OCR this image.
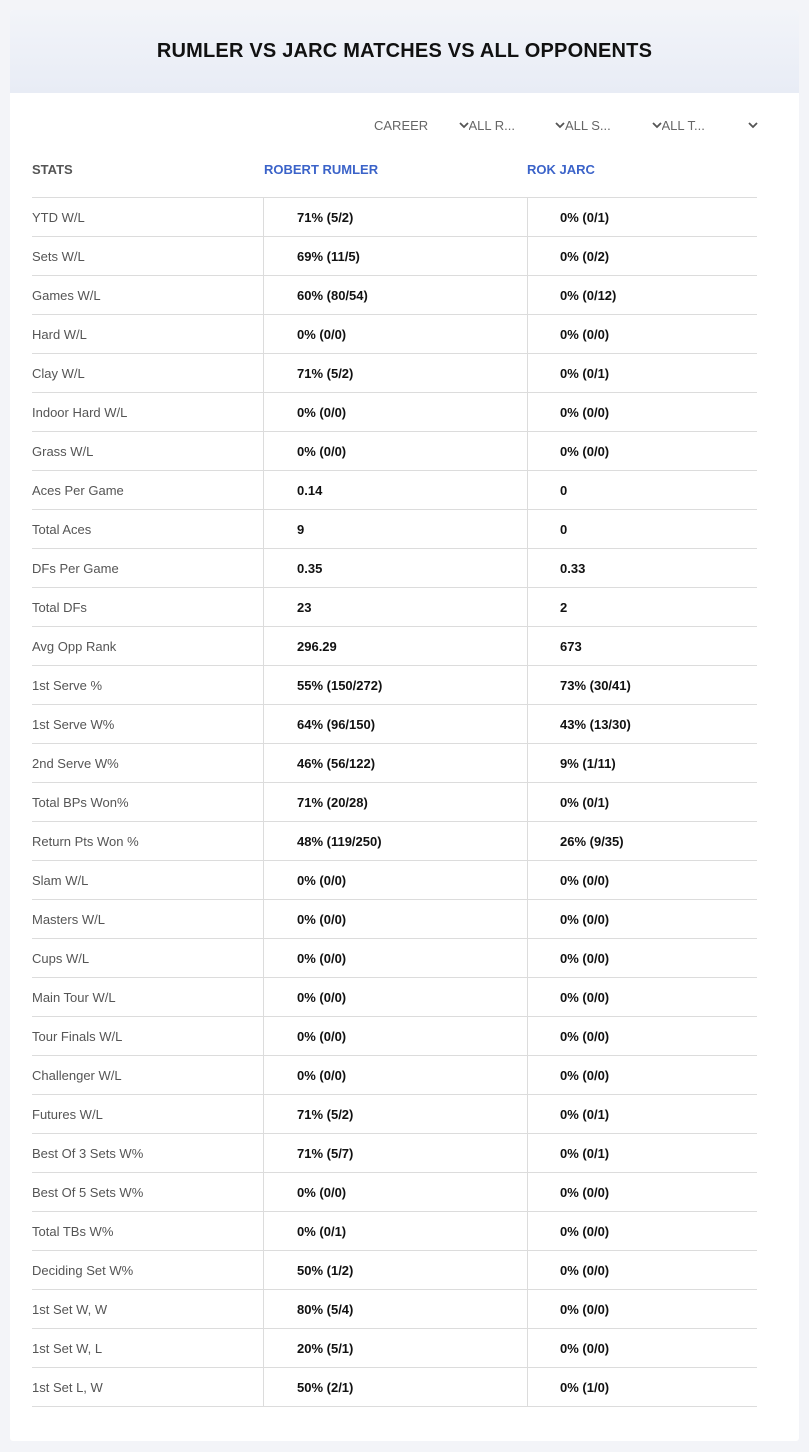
RUMLER VS JARC MATCHES VS ALL OPPONENTS
CAREER	ALL R...	ALL S...	ALL T...
STATS	ROBERT RUMLER	ROK JARC
YTD W/L	71% (5/2)	0% (0/1)
Sets W/L	69% (11/5)	0% (0/2)
Games W/L	60% (80/54)	0% (0/12)
Hard W/L	0% (0/0)	0% (0/0)
Clay W/L	71% (5/2)	0% (0/1)
Indoor Hard W/L	0% (0/0)	0% (0/0)
Grass W/L	0% (0/0)	0% (0/0)
Aces Per Game	0.14	0
Total Aces	9	0
DFs Per Game	0.35	0.33
Total DFs	23	2
Avg Opp Rank	296.29	673
1st Serve %	55% (150/272)	73% (30/41)
1st Serve W%	64% (96/150)	43% (13/30)
2nd Serve W%	46% (56/122)	9% (1/11)
Total BPs Won%	71% (20/28)	0% (0/1)
Return Pts Won %	48% (119/250)	26% (9/35)
Slam W/L	0% (0/0)	0% (0/0)
Masters W/L	0% (0/0)	0% (0/0)
Cups W/L	0% (0/0)	0% (0/0)
Main Tour W/L	0% (0/0)	0% (0/0)
Tour Finals W/L	0% (0/0)	0% (0/0)
Challenger W/L	0% (0/0)	0% (0/0)
Futures W/L	71% (5/2)	0% (0/1)
Best Of 3 Sets W%	71% (5/7)	0% (0/1)
Best Of 5 Sets W%	0% (0/0)	0% (0/0)
Total TBs W%	0% (0/1)	0% (0/0)
Deciding Set W%	50% (1/2)	0% (0/0)
1st Set W, W	80% (5/4)	0% (0/0)
1st Set W, L	20% (5/1)	0% (0/0)
1st Set L, W	50% (2/1)	0% (1/0)
